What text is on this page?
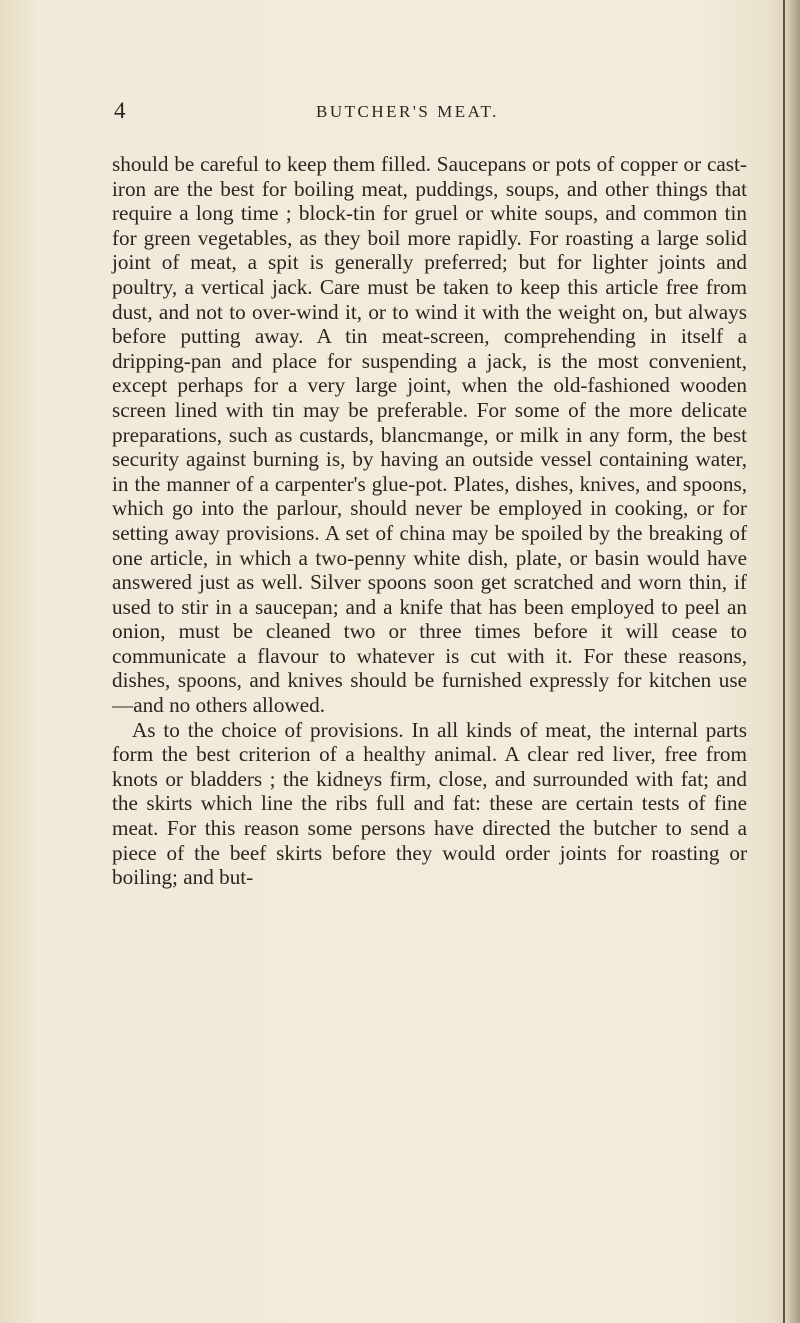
4	BUTCHER'S MEAT.

should be careful to keep them filled. Saucepans or pots of copper or cast-iron are the best for boiling meat, puddings, soups, and other things that require a long time ; block-tin for gruel or white soups, and common tin for green vegetables, as they boil more rapidly. For roasting a large solid joint of meat, a spit is generally preferred; but for lighter joints and poultry, a vertical jack. Care must be taken to keep this article free from dust, and not to over-wind it, or to wind it with the weight on, but always before putting away. A tin meat-screen, comprehending in itself a dripping-pan and place for suspending a jack, is the most convenient, except perhaps for a very large joint, when the old-fashioned wooden screen lined with tin may be preferable. For some of the more delicate preparations, such as custards, blancmange, or milk in any form, the best security against burning is, by having an outside vessel containing water, in the manner of a carpenter's glue-pot. Plates, dishes, knives, and spoons, which go into the parlour, should never be employed in cooking, or for setting away provisions. A set of china may be spoiled by the breaking of one article, in which a two-penny white dish, plate, or basin would have answered just as well. Silver spoons soon get scratched and worn thin, if used to stir in a saucepan; and a knife that has been employed to peel an onion, must be cleaned two or three times before it will cease to communicate a flavour to whatever is cut with it. For these reasons, dishes, spoons, and knives should be furnished expressly for kitchen use —and no others allowed.

As to the choice of provisions. In all kinds of meat, the internal parts form the best criterion of a healthy animal. A clear red liver, free from knots or bladders ; the kidneys firm, close, and surrounded with fat; and the skirts which line the ribs full and fat: these are certain tests of fine meat. For this reason some persons have directed the butcher to send a piece of the beef skirts before they would order joints for roasting or boiling; and but-
